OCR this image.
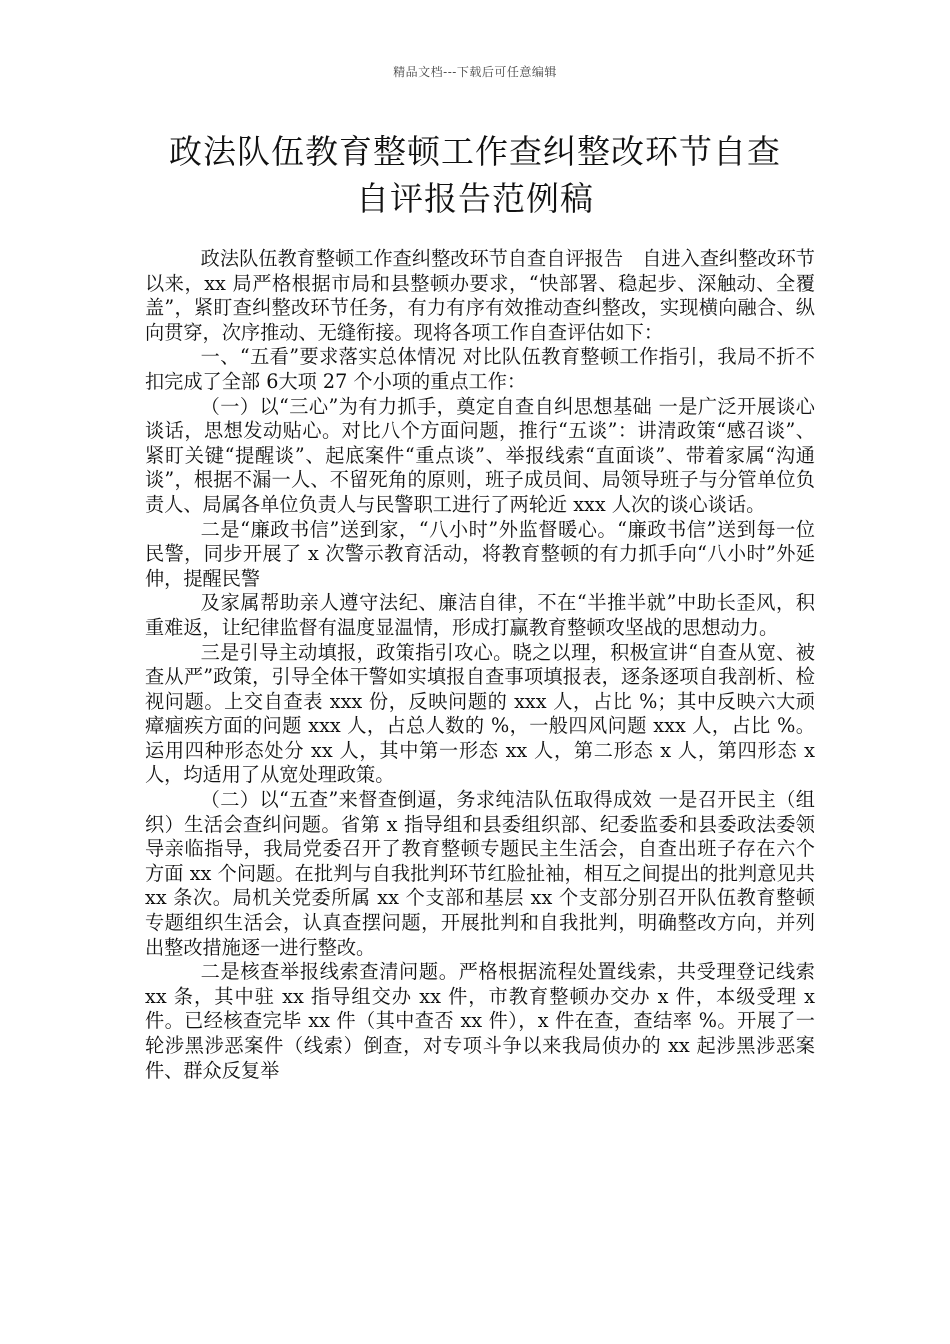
精品文档---下载后可任意编辑
政法队伍教育整顿工作查纠整改环节自查
自评报告范例稿

政法队伍教育整顿工作查纠整改环节自查自评报告　自进入查纠整改环节以来，xx 局严格根据市局和县整顿办要求，“快部署、稳起步、深触动、全覆盖”，紧盯查纠整改环节任务，有力有序有效推动查纠整改，实现横向融合、纵向贯穿，次序推动、无缝衔接。现将各项工作自查评估如下：

一、“五看”要求落实总体情况 对比队伍教育整顿工作指引，我局不折不扣完成了全部 6大项 27 个小项的重点工作：

（一）以“三心”为有力抓手，奠定自查自纠思想基础 一是广泛开展谈心谈话，思想发动贴心。对比八个方面问题，推行“五谈”：讲清政策“感召谈”、紧盯关键“提醒谈”、起底案件“重点谈”、举报线索“直面谈”、带着家属“沟通谈”，根据不漏一人、不留死角的原则，班子成员间、局领导班子与分管单位负责人、局属各单位负责人与民警职工进行了两轮近 xxx 人次的谈心谈话。

二是“廉政书信”送到家，“八小时”外监督暖心。“廉政书信”送到每一位民警，同步开展了 x 次警示教育活动，将教育整顿的有力抓手向“八小时”外延伸，提醒民警

及家属帮助亲人遵守法纪、廉洁自律，不在“半推半就”中助长歪风，积重难返，让纪律监督有温度显温情，形成打赢教育整顿攻坚战的思想动力。

三是引导主动填报，政策指引攻心。晓之以理，积极宣讲“自查从宽、被查从严”政策，引导全体干警如实填报自查事项填报表，逐条逐项自我剖析、检视问题。上交自查表 xxx 份，反映问题的 xxx 人，占比 %；其中反映六大顽瘴痼疾方面的问题 xxx 人，占总人数的 %，一般四风问题 xxx 人，占比 %。运用四种形态处分 xx 人，其中第一形态 xx 人，第二形态 x 人，第四形态 x 人，均适用了从宽处理政策。

（二）以“五查”来督查倒逼，务求纯洁队伍取得成效 一是召开民主（组织）生活会查纠问题。省第 x 指导组和县委组织部、纪委监委和县委政法委领导亲临指导，我局党委召开了教育整顿专题民主生活会，自查出班子存在六个方面 xx 个问题。在批判与自我批判环节红脸扯袖，相互之间提出的批判意见共 xx 条次。局机关党委所属 xx 个支部和基层 xx 个支部分别召开队伍教育整顿专题组织生活会，认真查摆问题，开展批判和自我批判，明确整改方向，并列出整改措施逐一进行整改。

二是核查举报线索查清问题。严格根据流程处置线索，共受理登记线索 xx 条，其中驻 xx 指导组交办 xx 件，市教育整顿办交办 x 件，本级受理 x 件。已经核查完毕 xx 件（其中查否 xx 件），x 件在查，查结率 %。开展了一轮涉黑涉恶案件（线索）倒查，对专项斗争以来我局侦办的 xx 起涉黑涉恶案件、群众反复举
